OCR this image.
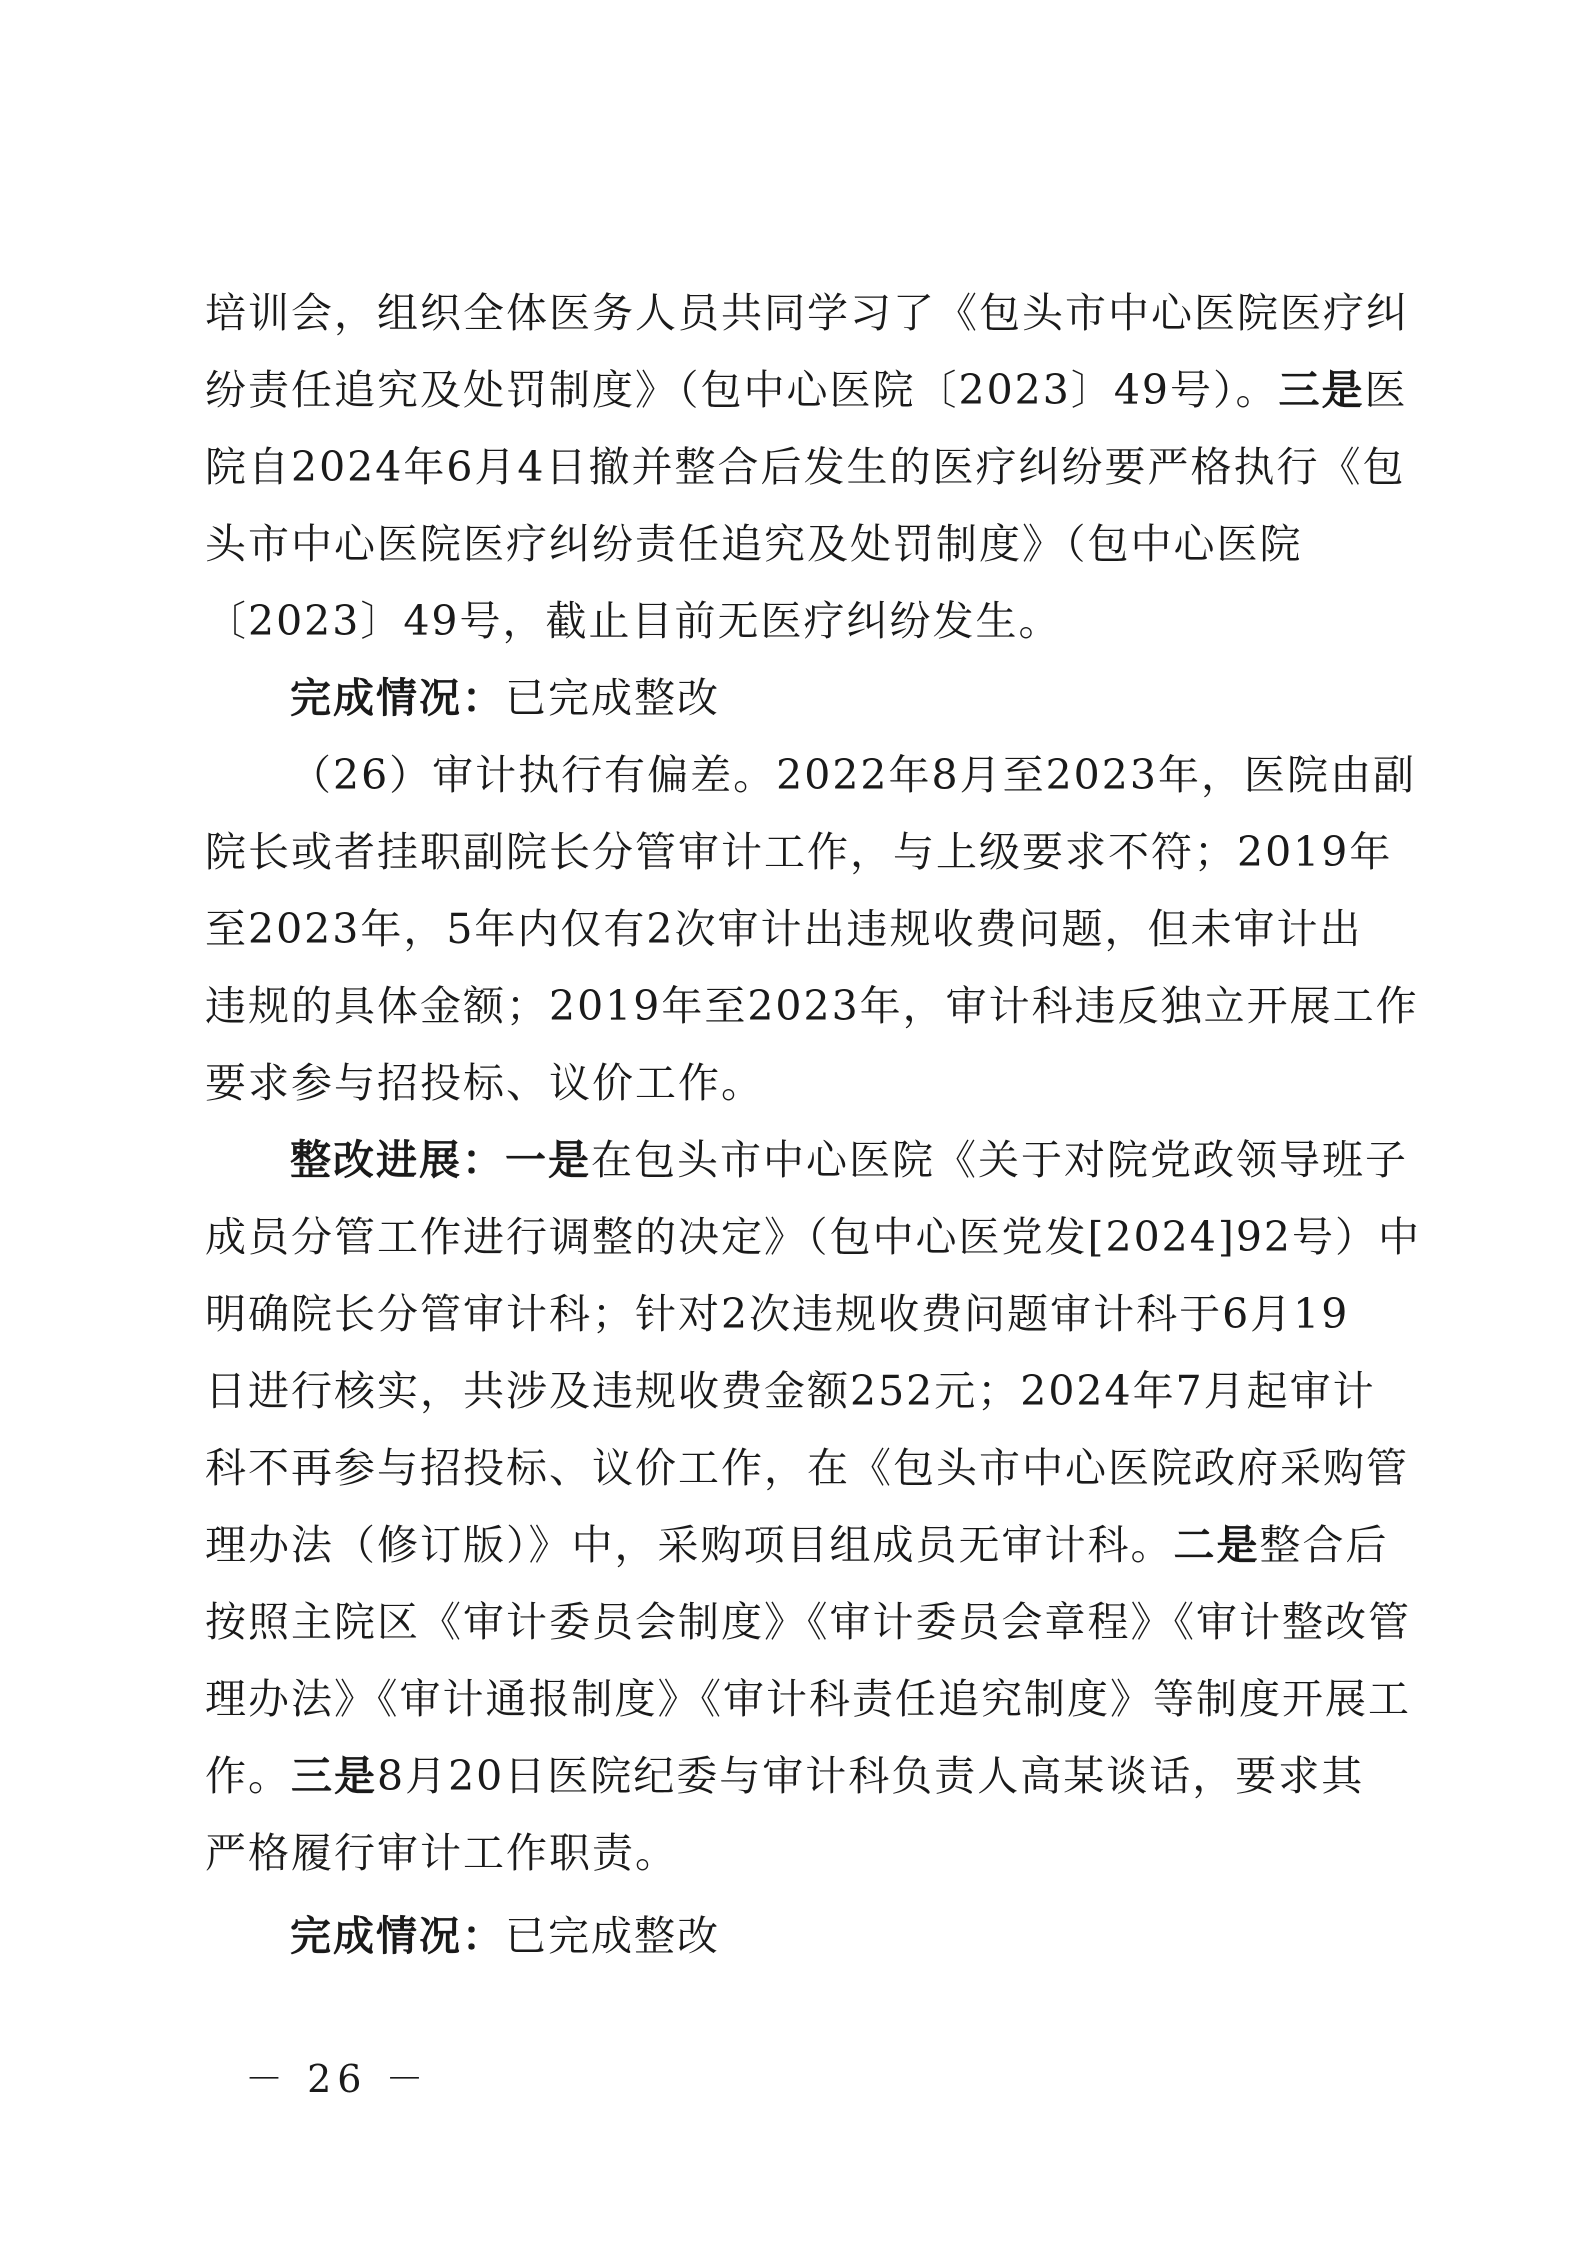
培训会，组织全体医务人员共同学习了《包头市中心医院医疗纠
纷责任追究及处罚制度》（包中心医院〔2023〕49号）。三是医
院自2024年6月4日撤并整合后发生的医疗纠纷要严格执行《包
头市中心医院医疗纠纷责任追究及处罚制度》（包中心医院
〔2023〕49号，截止目前无医疗纠纷发生。
完成情况：已完成整改
（26）审计执行有偏差。2022年8月至2023年，医院由副
院长或者挂职副院长分管审计工作，与上级要求不符；2019年
至2023年，5年内仅有2次审计出违规收费问题，但未审计出
违规的具体金额；2019年至2023年，审计科违反独立开展工作
要求参与招投标、议价工作。
整改进展：一是在包头市中心医院《关于对院党政领导班子
成员分管工作进行调整的决定》（包中心医党发[2024]92号）中
明确院长分管审计科；针对2次违规收费问题审计科于6月19
日进行核实，共涉及违规收费金额252元；2024年7月起审计
科不再参与招投标、议价工作，在《包头市中心医院政府采购管
理办法（修订版）》中，采购项目组成员无审计科。二是整合后
按照主院区《审计委员会制度》《审计委员会章程》《审计整改管
理办法》《审计通报制度》《审计科责任追究制度》等制度开展工
作。三是8月20日医院纪委与审计科负责人高某谈话，要求其
严格履行审计工作职责。
完成情况：已完成整改
－ 26 －
